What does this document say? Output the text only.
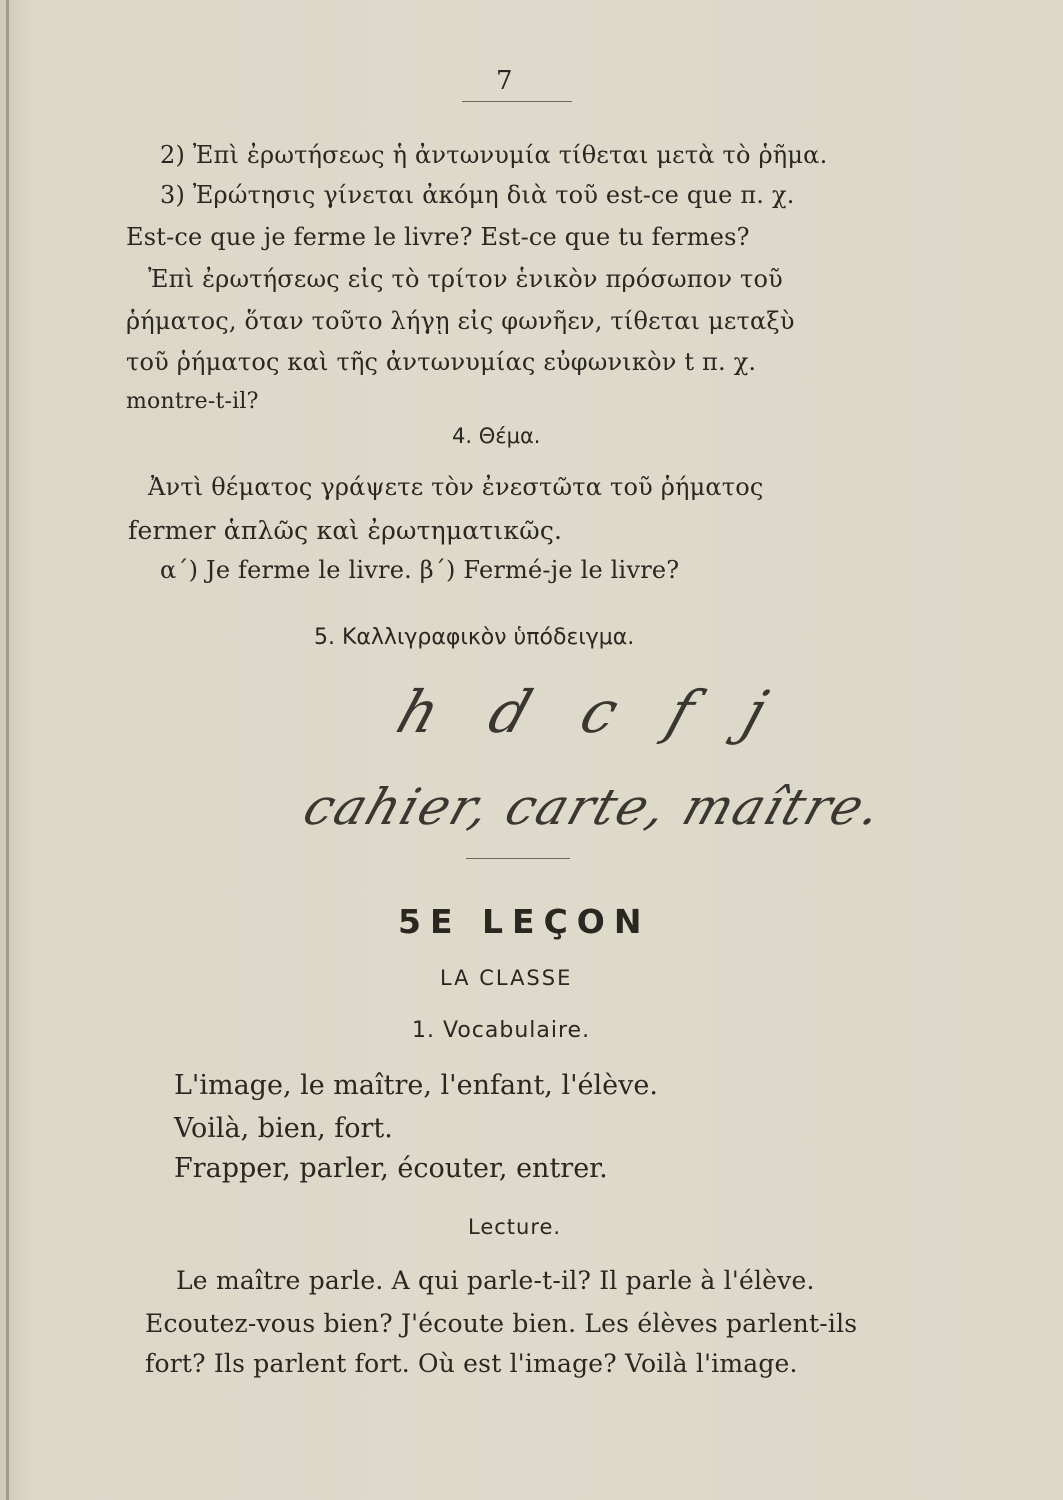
7
2) Ἐπὶ ἐρωτήσεως ἡ ἀντωνυμία τίθεται μετὰ τὸ ῥῆμα.
3) Ἐρώτησις γίνεται ἀκόμη διὰ τοῦ est-ce que π. χ.
Est-ce que je ferme le livre? Est-ce que tu fermes?
Ἐπὶ ἐρωτήσεως εἰς τὸ τρίτον ἑνικὸν πρόσωπον τοῦ
ῥήματος, ὅταν τοῦτο λήγῃ εἰς φωνῆεν, τίθεται μεταξὺ
τοῦ ῥήματος καὶ τῆς ἀντωνυμίας εὐφωνικὸν t π. χ.
montre-t-il?
4. Θέμα.
Ἀντὶ θέματος γράψετε τὸν ἐνεστῶτα τοῦ ῥήματος
fermer ἁπλῶς καὶ ἐρωτηματικῶς.
α΄) Je ferme le livre. β΄) Fermé-je le livre?
5. Καλλιγραφικὸν ὑπόδειγμα.
h d c f j
cahier, carte, maître.
5E LEÇON
LA CLASSE
1. Vocabulaire.
L'image, le maître, l'enfant, l'élève.
Voilà, bien, fort.
Frapper, parler, écouter, entrer.
Lecture.
Le maître parle. A qui parle-t-il? Il parle à l'élève.
Ecoutez-vous bien? J'écoute bien. Les élèves parlent-ils
fort? Ils parlent fort. Où est l'image? Voilà l'image.
